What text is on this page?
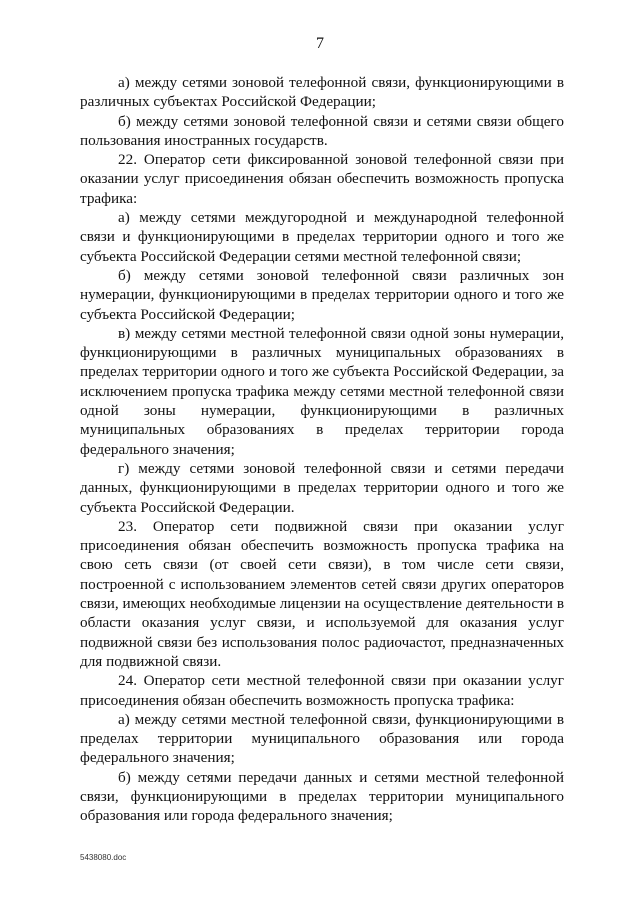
7

а) между сетями зоновой телефонной связи, функционирующими в различных субъектах Российской Федерации;

б) между сетями зоновой телефонной связи и сетями связи общего пользования иностранных государств.

22. Оператор сети фиксированной зоновой телефонной связи при оказании услуг присоединения обязан обеспечить возможность пропуска трафика:

а) между сетями междугородной и международной телефонной связи и функционирующими в пределах территории одного и того же субъекта Российской Федерации сетями местной телефонной связи;

б) между сетями зоновой телефонной связи различных зон нумерации, функционирующими в пределах территории одного и того же субъекта Российской Федерации;

в) между сетями местной телефонной связи одной зоны нумерации, функционирующими в различных муниципальных образованиях в пределах территории одного и того же субъекта Российской Федерации, за исключением пропуска трафика между сетями местной телефонной связи одной зоны нумерации, функционирующими в различных муниципальных образованиях в пределах территории города федерального значения;

г) между сетями зоновой телефонной связи и сетями передачи данных, функционирующими в пределах территории одного и того же субъекта Российской Федерации.

23. Оператор сети подвижной связи при оказании услуг присоединения обязан обеспечить возможность пропуска трафика на свою сеть связи (от своей сети связи), в том числе сети связи, построенной с использованием элементов сетей связи других операторов связи, имеющих необходимые лицензии на осуществление деятельности в области оказания услуг связи, и используемой для оказания услуг подвижной связи без использования полос радиочастот, предназначенных для подвижной связи.

24. Оператор сети местной телефонной связи при оказании услуг присоединения обязан обеспечить возможность пропуска трафика:

а) между сетями местной телефонной связи, функционирующими в пределах территории муниципального образования или города федерального значения;

б) между сетями передачи данных и сетями местной телефонной связи, функционирующими в пределах территории муниципального образования или города федерального значения;

5438080.doc
